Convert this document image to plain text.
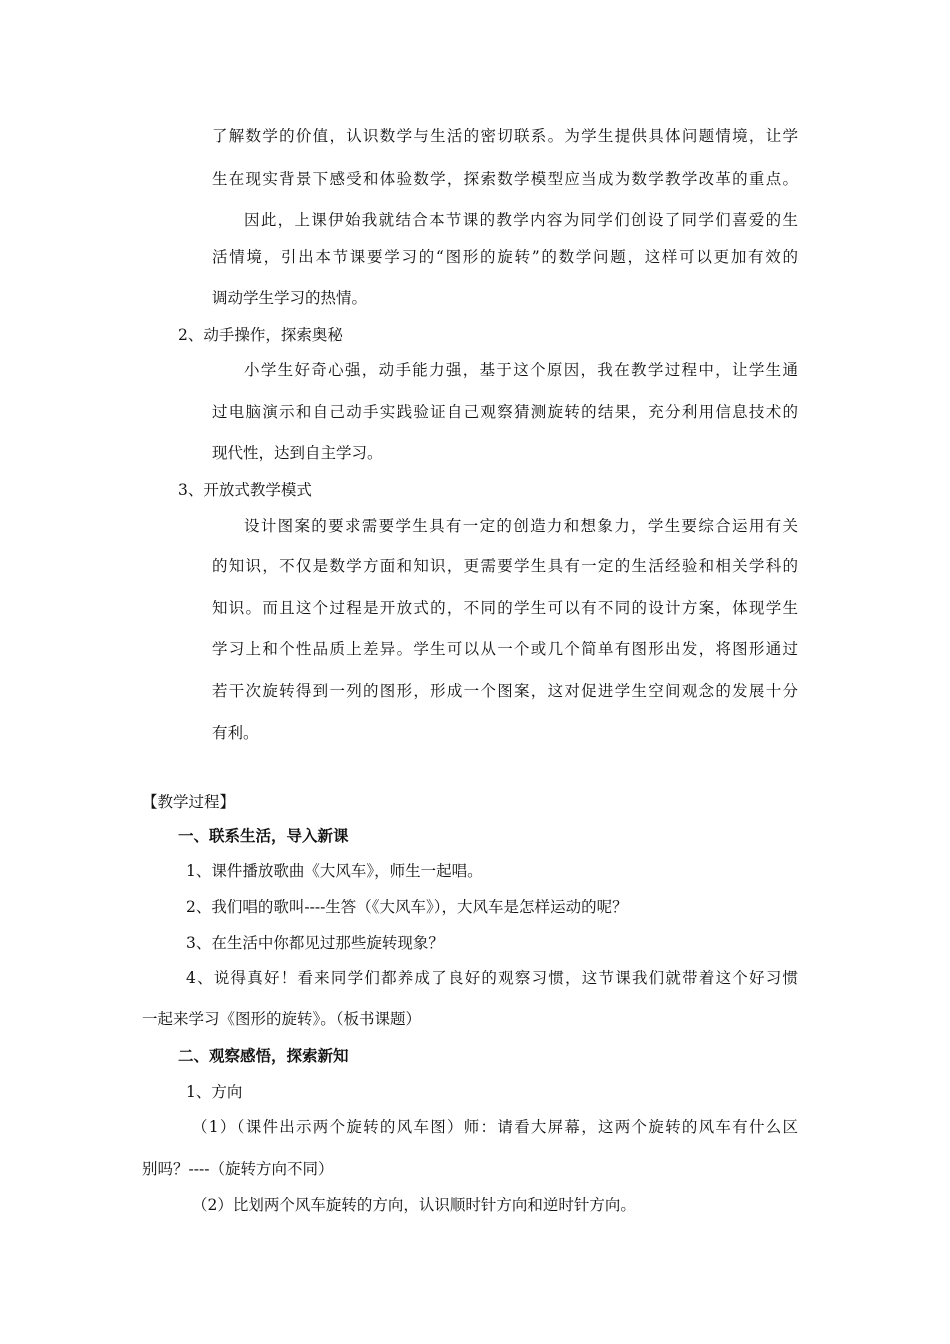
了解数学的价值，认识数学与生活的密切联系。为学生提供具体问题情境，让学
生在现实背景下感受和体验数学，探索数学模型应当成为数学教学改革的重点。
因此，上课伊始我就结合本节课的教学内容为同学们创设了同学们喜爱的生
活情境，引出本节课要学习的“图形的旋转”的数学问题，这样可以更加有效的
调动学生学习的热情。
2、动手操作，探索奥秘
小学生好奇心强，动手能力强，基于这个原因，我在教学过程中，让学生通
过电脑演示和自己动手实践验证自己观察猜测旋转的结果，充分利用信息技术的
现代性，达到自主学习。
3、开放式教学模式
设计图案的要求需要学生具有一定的创造力和想象力，学生要综合运用有关
的知识，不仅是数学方面和知识，更需要学生具有一定的生活经验和相关学科的
知识。而且这个过程是开放式的，不同的学生可以有不同的设计方案，体现学生
学习上和个性品质上差异。学生可以从一个或几个简单有图形出发，将图形通过
若干次旋转得到一列的图形，形成一个图案，这对促进学生空间观念的发展十分
有利。
【教学过程】
一、联系生活，导入新课
1、课件播放歌曲《大风车》，师生一起唱。
2、我们唱的歌叫----生答（《大风车》），大风车是怎样运动的呢？
3、在生活中你都见过那些旋转现象？
4、说得真好！看来同学们都养成了良好的观察习惯，这节课我们就带着这个好习惯
一起来学习《图形的旋转》。（板书课题）
二、观察感悟，探索新知
1、方向
（1）（课件出示两个旋转的风车图）师：请看大屏幕，这两个旋转的风车有什么区
别吗？----（旋转方向不同）
（2）比划两个风车旋转的方向，认识顺时针方向和逆时针方向。
